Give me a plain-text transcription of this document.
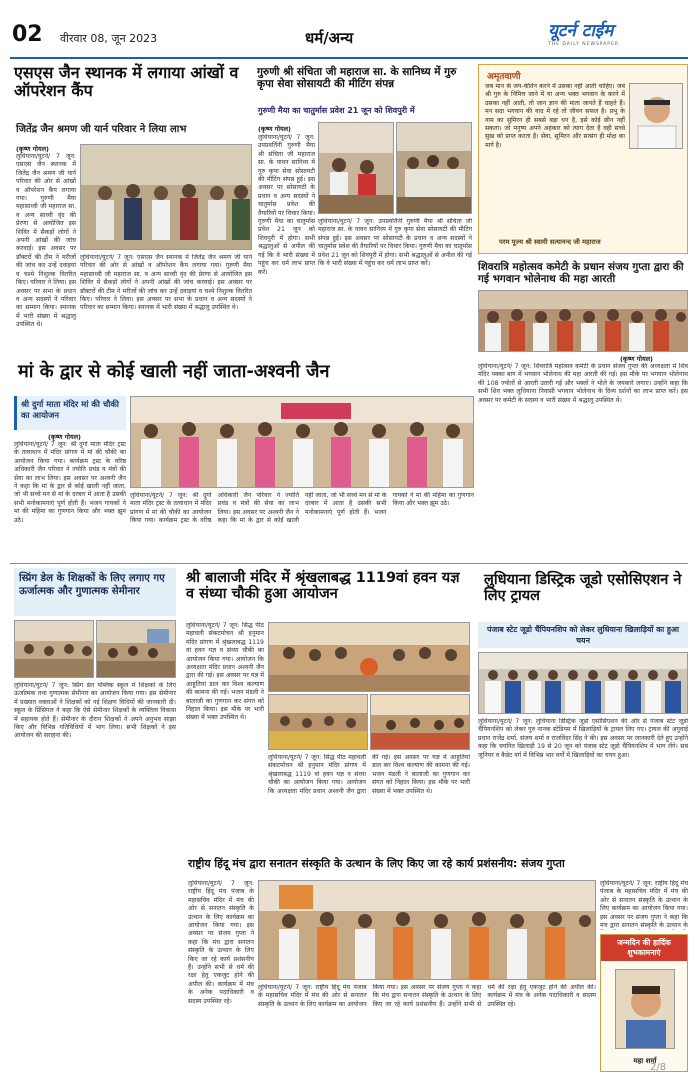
02 वीरवार 08, जून 2023	धर्म/अन्य	यूटर्न टाईम
THE DAILY NEWSPAPER
एसएस जैन स्थानक में लगाया आंखों व ऑपरेशन कैंप
जितेंद्र जैन श्रमण जी यार्न परिवार ने लिया लाभ
(कृष्ण गोयल)
लुधियाना/यूटर्न/ 7 जून: एसएस जैन स्थानक में जितेंद्र जैन श्रमण जी यार्न परिवार की ओर से आंखों व ऑपरेशन कैंप लगाया गया। गुरुणी मैया महासाध्वी जी महाराज सा. व अन्य साध्वी वृंद की प्रेरणा से आयोजित इस शिविर में सैकड़ों लोगों ने अपनी आंखों की जांच करवाई। इस अवसर पर डॉक्टरों की टीम ने मरीजों की जांच कर उन्हें दवाइयां व चश्मे निशुल्क वितरित किए। परिवार ने लिया। इस अवसर पर सभा के प्रधान व अन्य सदस्यों ने परिवार का सम्मान किया। स्थानक में भारी संख्या में श्रद्धालु उपस्थित थे।
लुधियाना/यूटर्न/ 7 जून: एसएस जैन स्थानक में जितेंद्र जैन श्रमण जी यार्न परिवार की ओर से आंखों व ऑपरेशन कैंप लगाया गया। गुरुणी मैया महासाध्वी जी महाराज सा. व अन्य साध्वी वृंद की प्रेरणा से आयोजित इस शिविर में सैकड़ों लोगों ने अपनी आंखों की जांच करवाई। इस अवसर पर डॉक्टरों की टीम ने मरीजों की जांच कर उन्हें दवाइयां व चश्मे निशुल्क वितरित किए। परिवार ने लिया। इस अवसर पर सभा के प्रधान व अन्य सदस्यों ने परिवार का सम्मान किया। स्थानक में भारी संख्या में श्रद्धालु उपस्थित थे।
गुरुणी श्री संचिता जी महाराज सा. के सानिध्य में गुरु कृपा सेवा सोसायटी की मीटिंग संपन्न
गुरुणी मैया का चातुर्मास प्रवेश 21 जून को शिवपुरी में
(कृष्ण गोयल)
लुधियाना/यूटर्न/ 7 जून: उपप्रवर्तिनी गुरुणी मैया श्री संचिता जी महाराज सा. के पावन सानिध्य में गुरु कृपा सेवा सोसायटी की मीटिंग संपन्न हुई। इस अवसर पर सोसायटी के प्रधान व अन्य सदस्यों ने चातुर्मास प्रवेश की तैयारियों पर विचार किया। गुरुणी मैया का चातुर्मास प्रवेश 21 जून को शिवपुरी में होगा। सभी श्रद्धालुओं से अपील की गई कि वे भारी संख्या में पहुंच कर धर्म लाभ प्राप्त करें।
लुधियाना/यूटर्न/ 7 जून: उपप्रवर्तिनी गुरुणी मैया श्री संचिता जी महाराज सा. के पावन सानिध्य में गुरु कृपा सेवा सोसायटी की मीटिंग संपन्न हुई। इस अवसर पर सोसायटी के प्रधान व अन्य सदस्यों ने चातुर्मास प्रवेश की तैयारियों पर विचार किया। गुरुणी मैया का चातुर्मास प्रवेश 21 जून को शिवपुरी में होगा। सभी श्रद्धालुओं से अपील की गई कि वे भारी संख्या में पहुंच कर धर्म लाभ प्राप्त करें।
अमृतवाणी
जब मान के जप-कीर्तन करने में उसका नहीं आती चाहिए। जब श्री गुरु के निमित्त जाने में या अन्य भक्त भगवान के करने में उसका नहीं आती, तो जान ज्ञान की माता जानते हैं चाहते हैं। मन सदा भगवान की याद में रहे तो जीवन सफल है। प्रभु के नाम का सुमिरन ही सबसे बड़ा धन है, इसे कोई छीन नहीं सकता। जो मनुष्य अपने अहंकार को त्याग देता है वही सच्चे सुख को प्राप्त करता है। सेवा, सुमिरन और सत्संग ही मोक्ष का मार्ग है।
परम पूज्य श्री स्वामी सत्यानन्द जी महाराज
शिवरात्रि महोत्सव कमेटी के प्रधान संजय गुप्ता द्वारा की गई भगवान भोलेनाथ की महा आरती
(कृष्ण गोयल)
लुधियाना/यूटर्न/ 7 जून: शिवरात्रि महोत्सव कमेटी के प्रधान संजय गुप्ता की अध्यक्षता में शिव मंदिर पक्का बाग में भगवान भोलेनाथ की महा आरती की गई। इस मौके पर भगवान भोलेनाथ की 108 ज्योतों से आरती उतारी गई और भक्तों ने भोले के जयकारे लगाए। उन्होंने कहा कि सभी शिव भक्त लुधियाना निवासी भगवान भोलेनाथ के दिव्य दर्शनों का लाभ प्राप्त करें। इस अवसर पर कमेटी के सदस्य व भारी संख्या में श्रद्धालु उपस्थित थे।
मां के द्वार से कोई खाली नहीं जाता-अश्वनी जैन
श्री दुर्गा माता मंदिर मां की चौकी का आयोजन
(कृष्ण गोयल)
लुधियाना/यूटर्न/ 7 जून: श्री दुर्गा माता मंदिर ट्रस्ट के तत्वाधान में मंदिर प्रांगण में मां की चौकी का आयोजन किया गया। कार्यक्रम ट्रस्ट के वरिष्ठ अधिकारी जैन परिवार ने ज्योति प्रचंड व मंत्रों की सेवा का लाभ लिया। इस अवसर पर अश्वनी जैन ने कहा कि मां के द्वार से कोई खाली नहीं जाता, जो भी सच्चे मन से मां के दरबार में आता है उसकी सभी मनोकामनाएं पूर्ण होती हैं। भजन गायकों ने मां की महिमा का गुणगान किया और भक्त झूम उठे।
लुधियाना/यूटर्न/ 7 जून: श्री दुर्गा माता मंदिर ट्रस्ट के तत्वाधान में मंदिर प्रांगण में मां की चौकी का आयोजन किया गया। कार्यक्रम ट्रस्ट के वरिष्ठ अधिकारी जैन परिवार ने ज्योति प्रचंड व मंत्रों की सेवा का लाभ लिया। इस अवसर पर अश्वनी जैन ने कहा कि मां के द्वार से कोई खाली नहीं जाता, जो भी सच्चे मन से मां के दरबार में आता है उसकी सभी मनोकामनाएं पूर्ण होती हैं। भजन गायकों ने मां की महिमा का गुणगान किया और भक्त झूम उठे।
स्प्रिंग डेल के शिक्षकों के लिए लगाए गए ऊर्जात्मक और गुणात्मक सेमीनार
लुधियाना/यूटर्न/ 7 जून: स्प्रिंग डेल पब्लिक स्कूल में शिक्षकों के लिए ऊर्जात्मक तथा गुणात्मक सेमीनार का आयोजन किया गया। इस सेमीनार में प्रख्यात वक्ताओं ने शिक्षकों को नई शिक्षण विधियों की जानकारी दी। स्कूल के प्रिंसिपल ने कहा कि ऐसे सेमीनार शिक्षकों के व्यक्तित्व विकास में सहायक होते हैं। सेमीनार के दौरान शिक्षकों ने अपने अनुभव साझा किए और विभिन्न गतिविधियों में भाग लिया। सभी शिक्षकों ने इस आयोजन की सराहना की।
श्री बालाजी मंदिर में श्रृंखलाबद्ध 1119वां हवन यज्ञ व संध्या चौकी हुआ आयोजन
लुधियाना/यूटर्न/ 7 जून: सिद्ध पीठ महावली संकटमोचन श्री हनुमान मंदिर प्रांगण में श्रृंखलाबद्ध 1119 वां हवन यज्ञ व संध्या चौकी का आयोजन किया गया। आयोजन कि अध्यक्षता मंदिर प्रधान अश्वनी जैन द्वारा की गई। इस अवसर पर यज्ञ में आहुतियां डाल कर विश्व कल्याण की कामना की गई। भजन मंडली ने बालाजी का गुणगान कर संगत को निहाल किया। इस मौके पर भारी संख्या में भक्त उपस्थित थे।
लुधियाना/यूटर्न/ 7 जून: सिद्ध पीठ महावली संकटमोचन श्री हनुमान मंदिर प्रांगण में श्रृंखलाबद्ध 1119 वां हवन यज्ञ व संध्या चौकी का आयोजन किया गया। आयोजन कि अध्यक्षता मंदिर प्रधान अश्वनी जैन द्वारा की गई। इस अवसर पर यज्ञ में आहुतियां डाल कर विश्व कल्याण की कामना की गई। भजन मंडली ने बालाजी का गुणगान कर संगत को निहाल किया। इस मौके पर भारी संख्या में भक्त उपस्थित थे।
लुधियाना डिस्ट्रिक जूडो एसोसिएशन ने लिए ट्रायल
पंजाब स्टेट जूडो चैंपियनशिप को लेकर लुधियाना खिलाड़ियों का हुआ चयन
लुधियाना/यूटर्न/ 7 जून: लुधियाना डिस्ट्रिक जूडो एसोसिएशन की ओर से पंजाब स्टेट जूडो चैंपियनशिप को लेकर गुरु नानक स्टेडियम में खिलाड़ियों के ट्रायल लिए गए। ट्रायल की अगुवाई प्रधान राजेंद्र शर्मा, संजय शर्मा व राजविंदर सिंह ने की। इस अवसर पर जानकारी देते हुए उन्होंने कहा कि चयनित खिलाड़ी 19 से 20 जून को पंजाब स्टेट जूडो चैंपियनशिप में भाग लेंगे। सब जूनियर व कैडेट वर्ग में विभिन्न भार वर्गों में खिलाड़ियों का चयन हुआ।
राष्ट्रीय हिंदू मंच द्वारा सनातन संस्कृति के उत्थान के लिए किए जा रहे कार्य प्रशंसनीय: संजय गुप्ता
लुधियाना/यूटर्न/ 7 जून: राष्ट्रीय हिंदू मंच पंजाब के महासचिव मंदिर में मंच की ओर से सनातन संस्कृति के उत्थान के लिए कार्यक्रम का आयोजन किया गया। इस अवसर पर संजय गुप्ता ने कहा कि मंच द्वारा सनातन संस्कृति के उत्थान के लिए किए जा रहे कार्य प्रशंसनीय हैं। उन्होंने सभी से धर्म की रक्षा हेतु एकजुट होने की अपील की। कार्यक्रम में मंच के अनेक पदाधिकारी व सदस्य उपस्थित रहे।
लुधियाना/यूटर्न/ 7 जून: राष्ट्रीय हिंदू मंच पंजाब के महासचिव मंदिर में मंच की ओर से सनातन संस्कृति के उत्थान के लिए कार्यक्रम का आयोजन किया गया। इस अवसर पर संजय गुप्ता ने कहा कि मंच द्वारा सनातन संस्कृति के उत्थान के लिए किए जा रहे कार्य प्रशंसनीय हैं। उन्होंने सभी से धर्म की रक्षा हेतु एकजुट होने की अपील की। कार्यक्रम में मंच के अनेक पदाधिकारी व सदस्य उपस्थित रहे।
लुधियाना/यूटर्न/ 7 जून: राष्ट्रीय हिंदू मंच पंजाब के महासचिव मंदिर में मंच की ओर से सनातन संस्कृति के उत्थान के लिए कार्यक्रम का आयोजन किया गया। इस अवसर पर संजय गुप्ता ने कहा कि मंच द्वारा सनातन संस्कृति के उत्थान के
जन्मदिन की हार्दिक शुभकामनाएं
महा शर्मा
2/8
